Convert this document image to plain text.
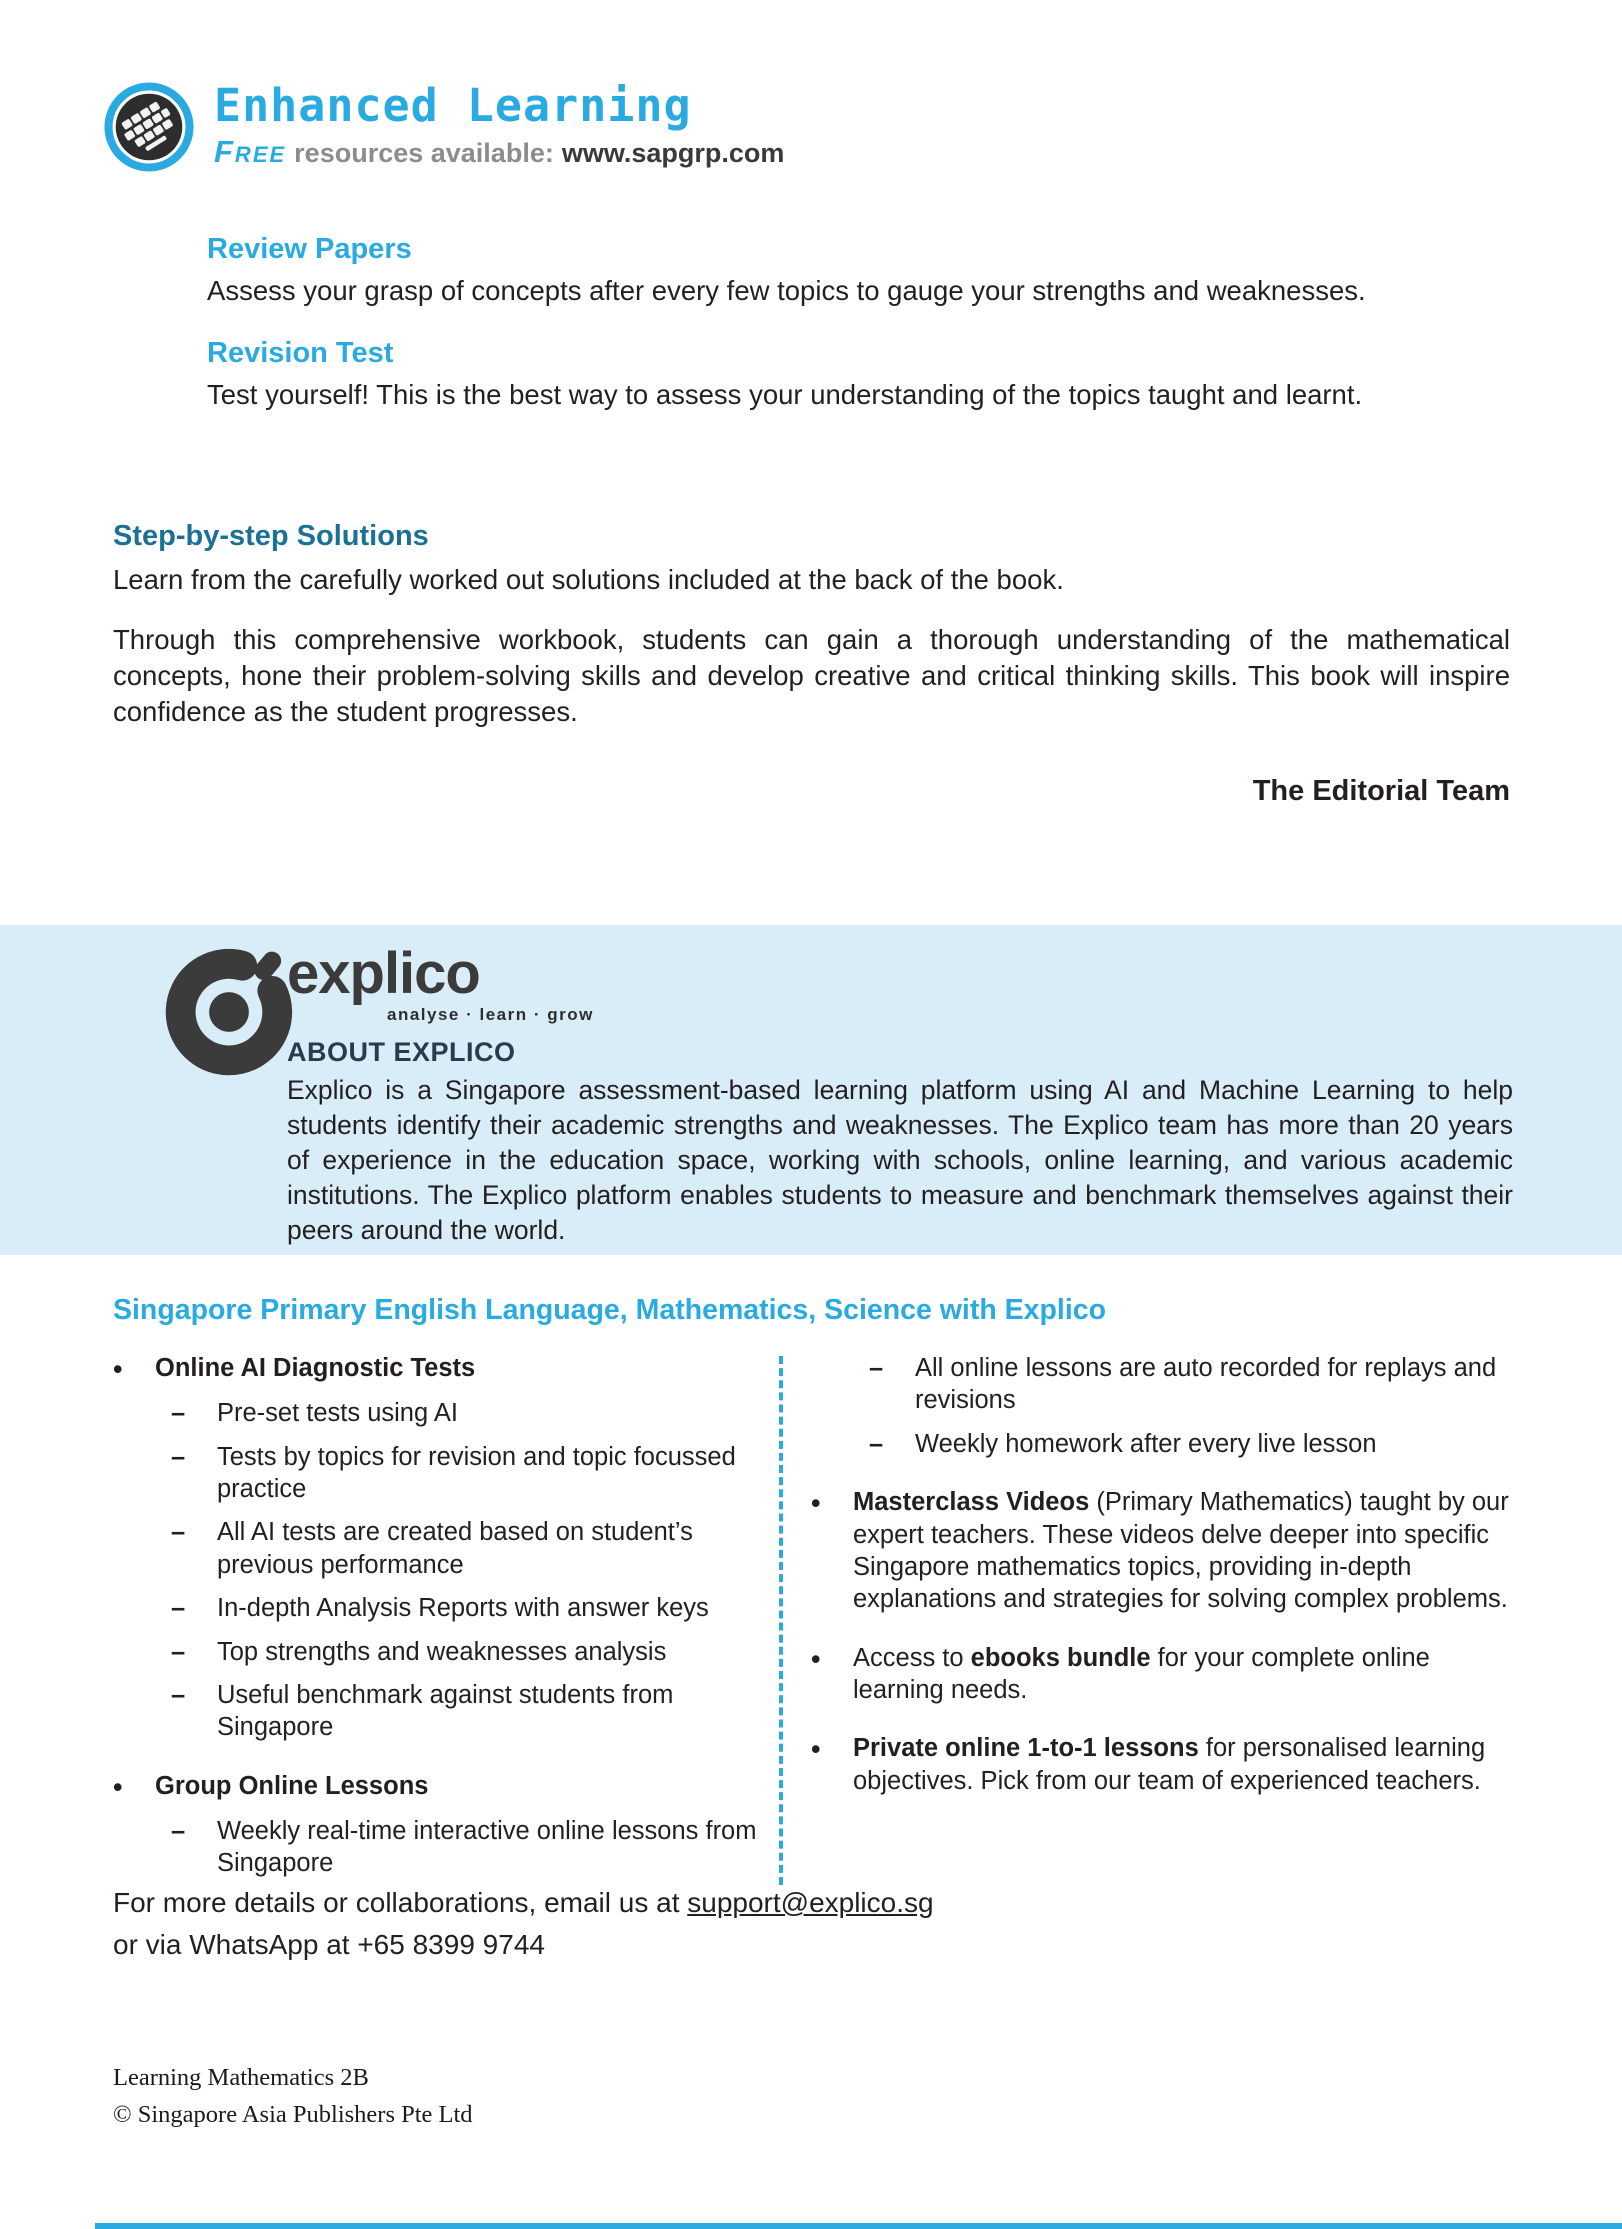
Enhanced Learning
Free resources available: www.sapgrp.com
Review Papers

Assess your grasp of concepts after every few topics to gauge your strengths and weaknesses.

Revision Test

Test yourself! This is the best way to assess your understanding of the topics taught and learnt.

Step-by-step Solutions

Learn from the carefully worked out solutions included at the back of the book.

Through this comprehensive workbook, students can gain a thorough understanding of the mathematical concepts, hone their problem-solving skills and develop creative and critical thinking skills. This book will inspire confidence as the student progresses.

The Editorial Team
explico
analyse · learn · grow
ABOUT EXPLICO

Explico is a Singapore assessment-based learning platform using AI and Machine Learning to help students identify their academic strengths and weaknesses. The Explico team has more than 20 years of experience in the education space, working with schools, online learning, and various academic institutions. The Explico platform enables students to measure and benchmark themselves against their peers around the world.

Singapore Primary English Language, Mathematics, Science with Explico
•	Online AI Diagnostic Tests
–	Pre-set tests using AI
–	Tests by topics for revision and topic focussed practice
–	All AI tests are created based on student’s previous performance
–	In-depth Analysis Reports with answer keys
–	Top strengths and weaknesses analysis
–	Useful benchmark against students from Singapore
•	Group Online Lessons
–	Weekly real-time interactive online lessons from Singapore
–	All online lessons are auto recorded for replays and revisions
–	Weekly homework after every live lesson
•	Masterclass Videos (Primary Mathematics) taught by our expert teachers. These videos delve deeper into specific Singapore mathematics topics, providing in-depth explanations and strategies for solving complex problems.
•	Access to ebooks bundle for your complete online learning needs.
•	Private online 1-to-1 lessons for personalised learning objectives. Pick from our team of experienced teachers.
For more details or collaborations, email us at support@explico.sg
or via WhatsApp at +65 8399 9744
Learning Mathematics 2B
© Singapore Asia Publishers Pte Ltd
